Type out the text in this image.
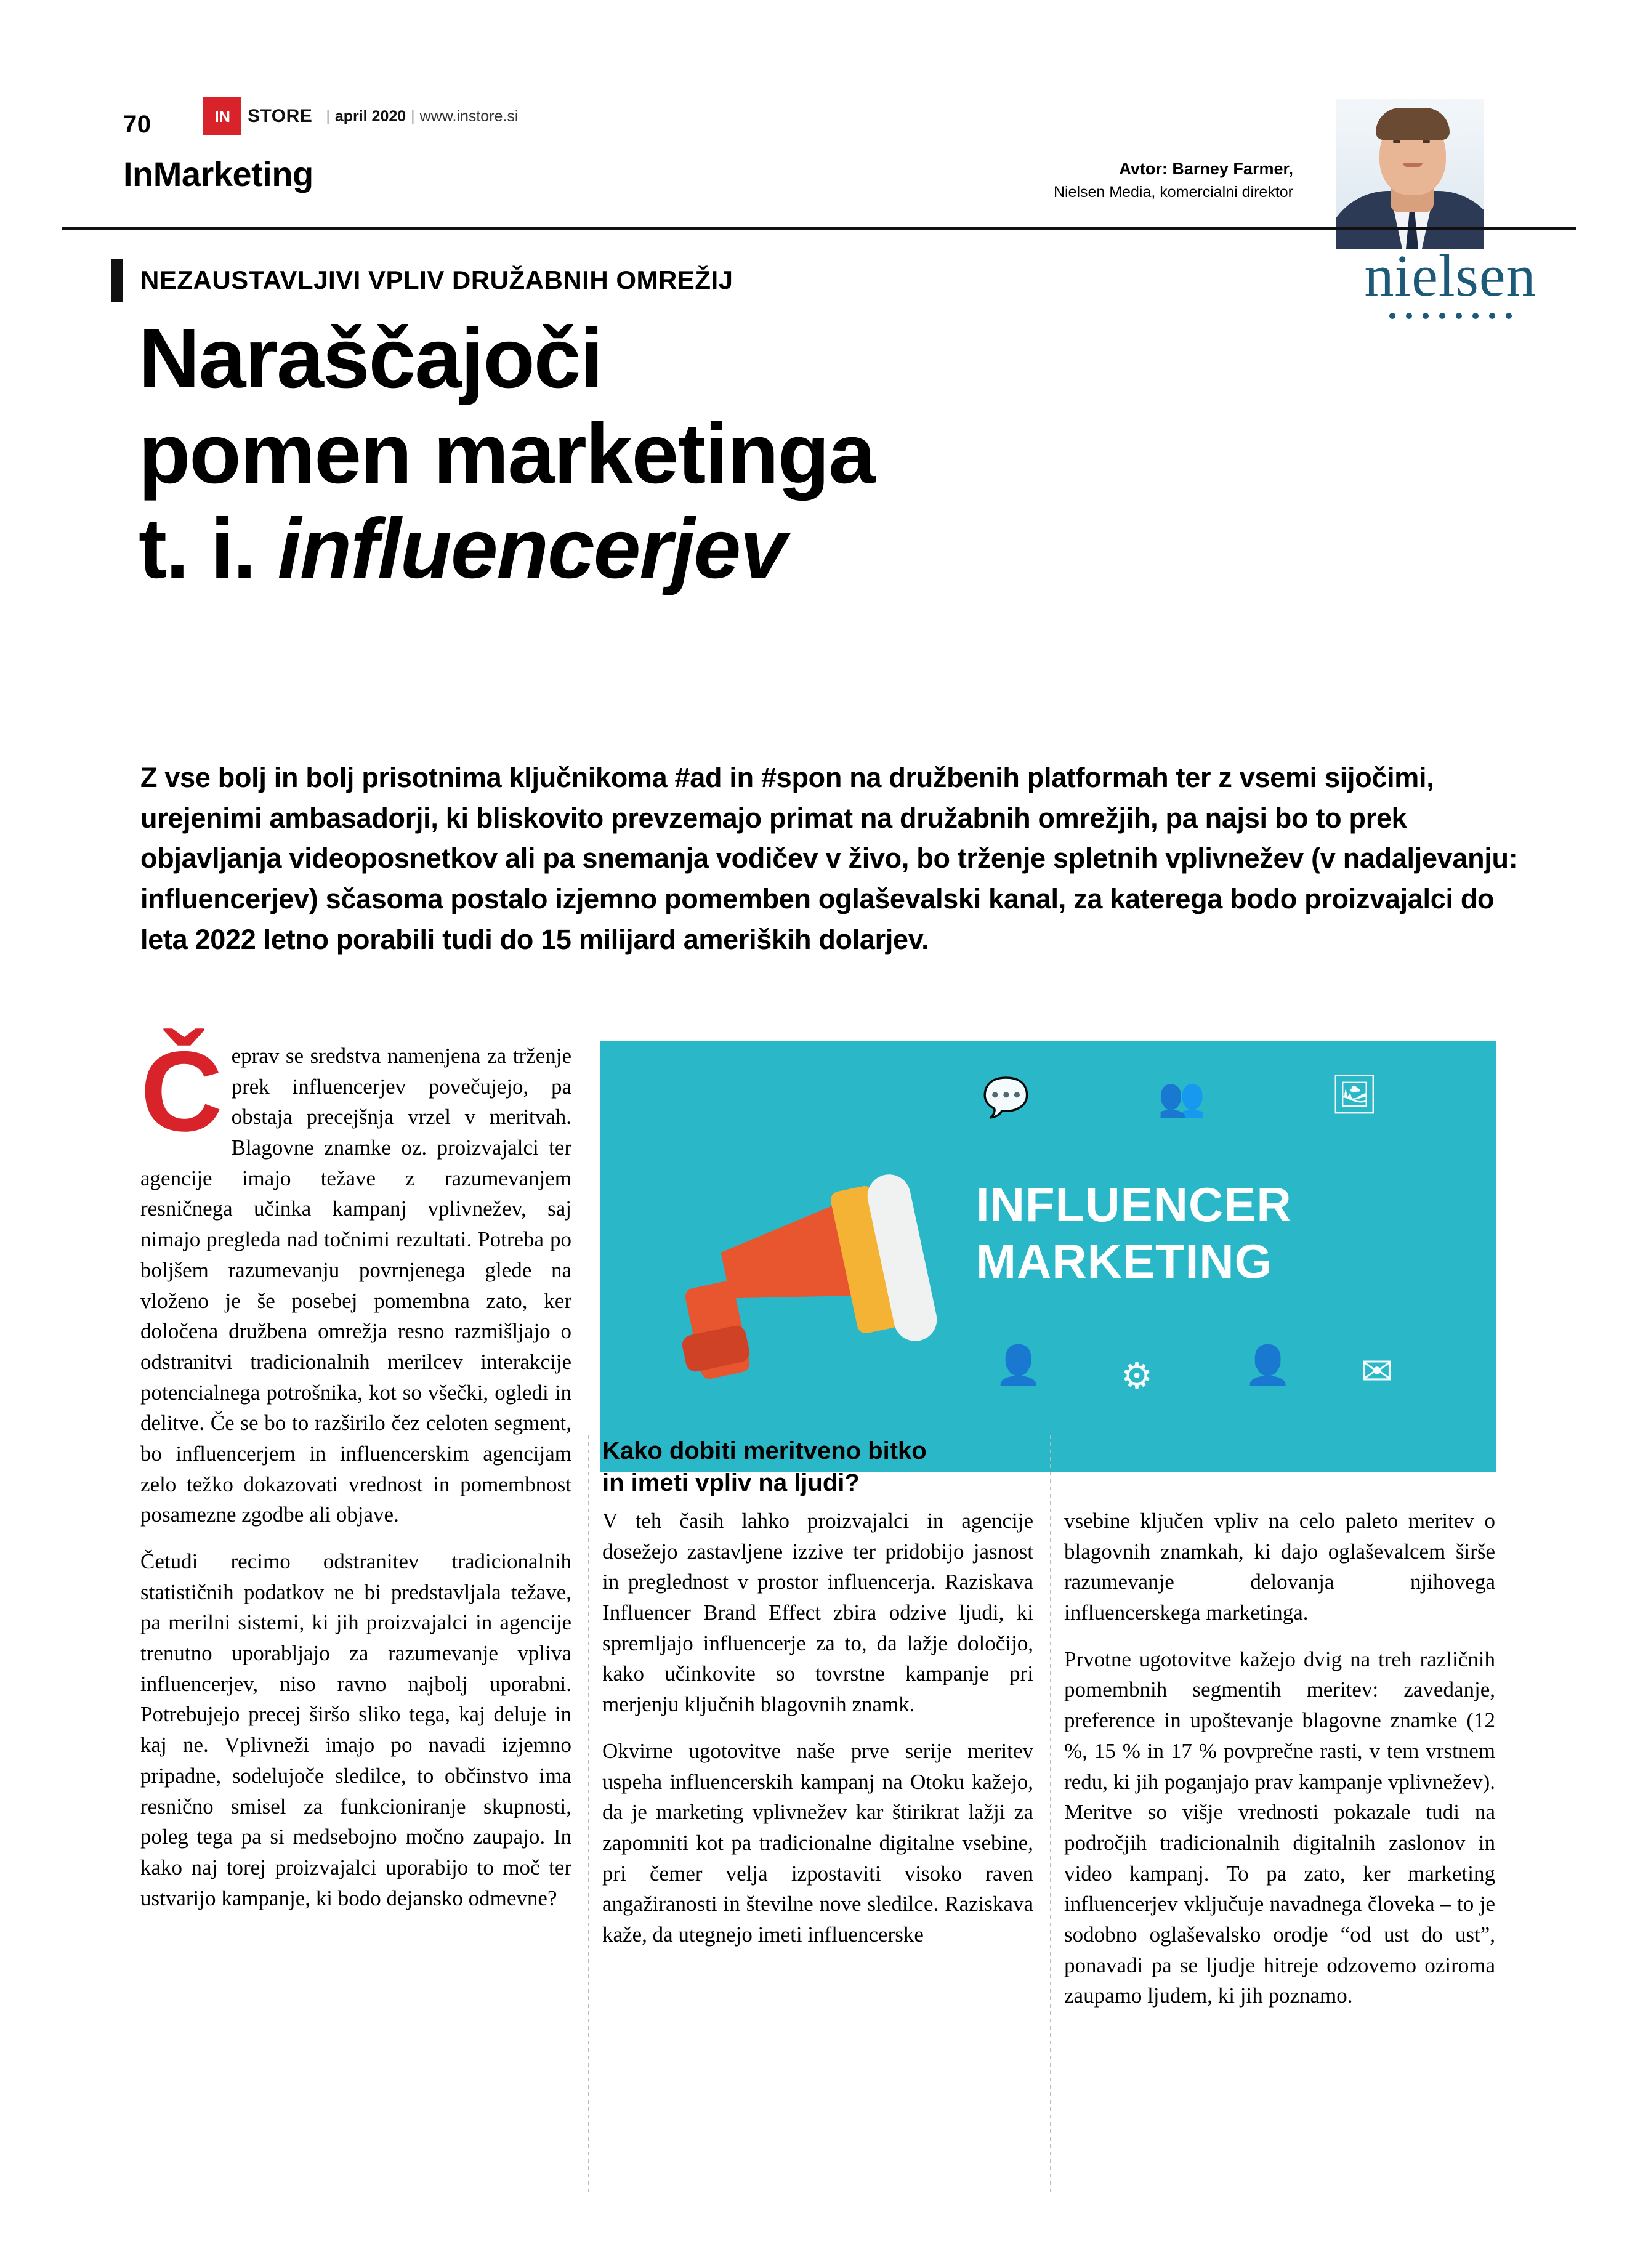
70	IN STORE | april 2020 | www.instore.si
InMarketing	Avtor: Barney Farmer,
Nielsen Media, komercialni direktor
NEZAUSTAVLJIVI VPLIV DRUŽABNIH OMREŽIJ	nielsen
Naraščajoči
pomen marketinga
t. i. influencerjev
Z vse bolj in bolj prisotnima ključnikoma #ad in #spon na družbenih platformah ter z vsemi sijočimi, urejenimi ambasadorji, ki bliskovito prevzemajo primat na družabnih omrežjih, pa najsi bo to prek objavljanja videoposnetkov ali pa snemanja vodičev v živo, bo trženje spletnih vplivnežev (v nadaljevanju: influencerjev) sčasoma postalo izjemno pomemben oglaševalski kanal, za katerega bodo proizvajalci do leta 2022 letno porabili tudi do 15 milijard ameriških dolarjev.

Čeprav se sredstva namenjena za trženje prek influencerjev povečujejo, pa obstaja precejšnja vrzel v meritvah. Blagovne znamke oz. proizvajalci ter agencije imajo težave z razumevanjem resničnega učinka kampanj vplivnežev, saj nimajo pregleda nad točnimi rezultati. Potreba po boljšem razumevanju povrnjenega glede na vloženo je še posebej pomembna zato, ker določena družbena omrežja resno razmišljajo o odstranitvi tradicionalnih merilcev interakcije potencialnega potrošnika, kot so všečki, ogledi in delitve. Če se bo to razširilo čez celoten segment, bo influencerjem in influencerskim agencijam zelo težko dokazovati vrednost in pomembnost posamezne zgodbe ali objave.

Četudi recimo odstranitev tradicionalnih statističnih podatkov ne bi predstavljala težave, pa merilni sistemi, ki jih proizvajalci in agencije trenutno uporabljajo za razumevanje vpliva influencerjev, niso ravno najbolj uporabni. Potrebujejo precej širšo sliko tega, kaj deluje in kaj ne. Vplivneži imajo po navadi izjemno pripadne, sodelujoče sledilce, to občinstvo ima resnično smisel za funkcioniranje skupnosti, poleg tega pa si medsebojno močno zaupajo. In kako naj torej proizvajalci uporabijo to moč ter ustvarijo kampanje, ki bodo dejansko odmevne?

INFLUENCER
MARKETING
💬	👥	🖼
👤 ⚙ 👤 ✉
Kako dobiti meritveno bitko
in imeti vpliv na ljudi?

V teh časih lahko proizvajalci in agencije dosežejo zastavljene izzive ter pridobijo jasnost in preglednost v prostor influencerja. Raziskava Influencer Brand Effect zbira odzive ljudi, ki spremljajo influencerje za to, da lažje določijo, kako učinkovite so tovrstne kampanje pri merjenju ključnih blagovnih znamk.

Okvirne ugotovitve naše prve serije meritev uspeha influencerskih kampanj na Otoku kažejo, da je marketing vplivnežev kar štirikrat lažji za zapomniti kot pa tradicionalne digitalne vsebine, pri čemer velja izpostaviti visoko raven angažiranosti in številne nove sledilce. Raziskava kaže, da utegnejo imeti influencerske

vsebine ključen vpliv na celo paleto meritev o blagovnih znamkah, ki dajo oglaševalcem širše razumevanje delovanja njihovega influencerskega marketinga.

Prvotne ugotovitve kažejo dvig na treh različnih pomembnih segmentih meritev: zavedanje, preference in upoštevanje blagovne znamke (12 %, 15 % in 17 % povprečne rasti, v tem vrstnem redu, ki jih poganjajo prav kampanje vplivnežev). Meritve so višje vrednosti pokazale tudi na področjih tradicionalnih digitalnih zaslonov in video kampanj. To pa zato, ker marketing influencerjev vključuje navadnega človeka – to je sodobno oglaševalsko orodje “od ust do ust”, ponavadi pa se ljudje hitreje odzovemo oziroma zaupamo ljudem, ki jih poznamo.
